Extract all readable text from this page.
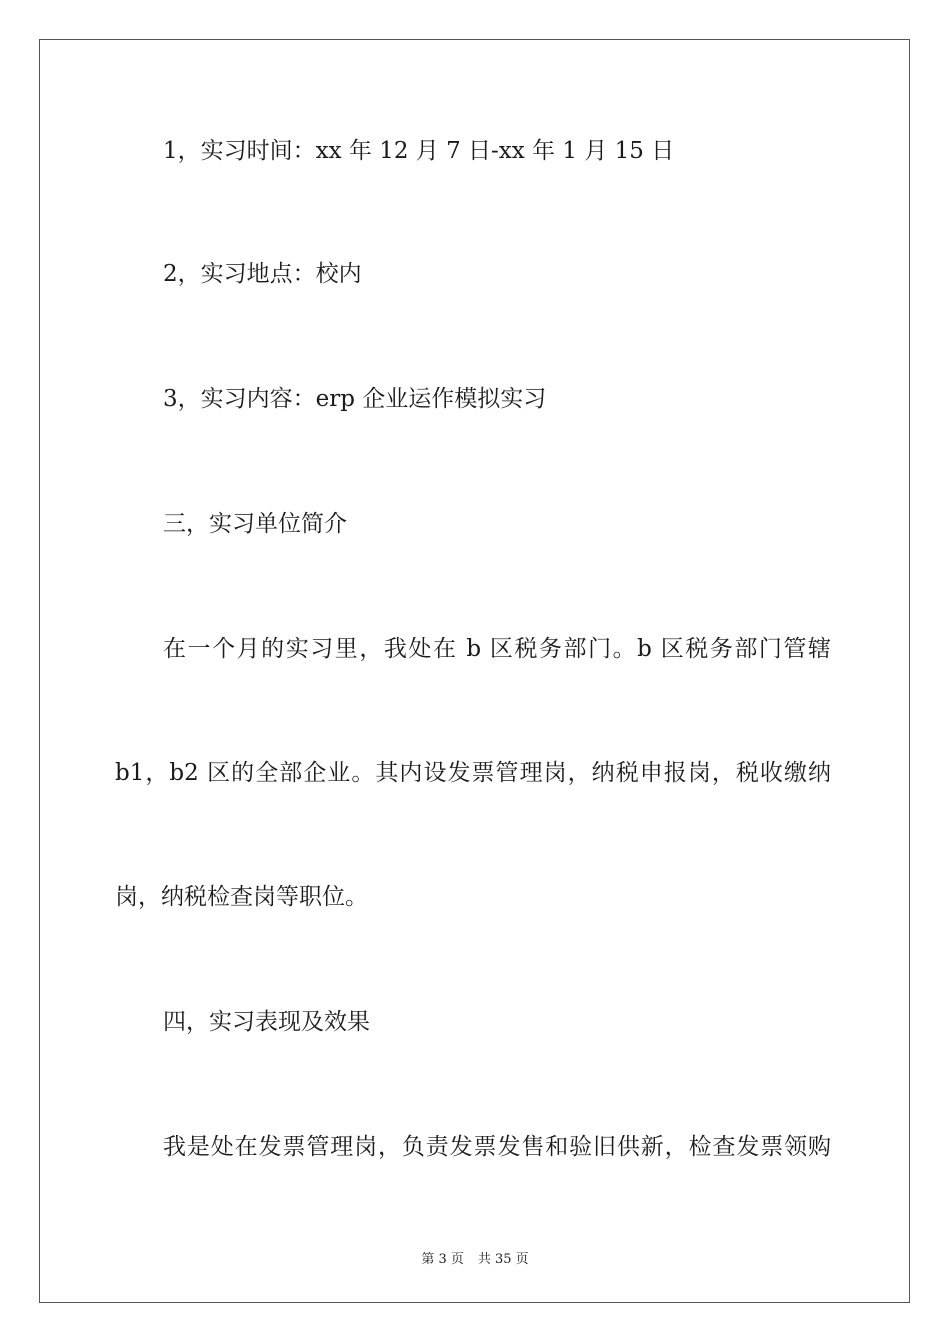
1，实习时间：xx 年 12 月 7 日-xx 年 1 月 15 日
2，实习地点：校内
3，实习内容：erp 企业运作模拟实习
三，实习单位简介
在一个月的实习里，我处在 b 区税务部门。b 区税务部门管辖
b1，b2 区的全部企业。其内设发票管理岗，纳税申报岗，税收缴纳
岗，纳税检查岗等职位。
四，实习表现及效果
我是处在发票管理岗，负责发票发售和验旧供新，检查发票领购
第 3 页 共 35 页
